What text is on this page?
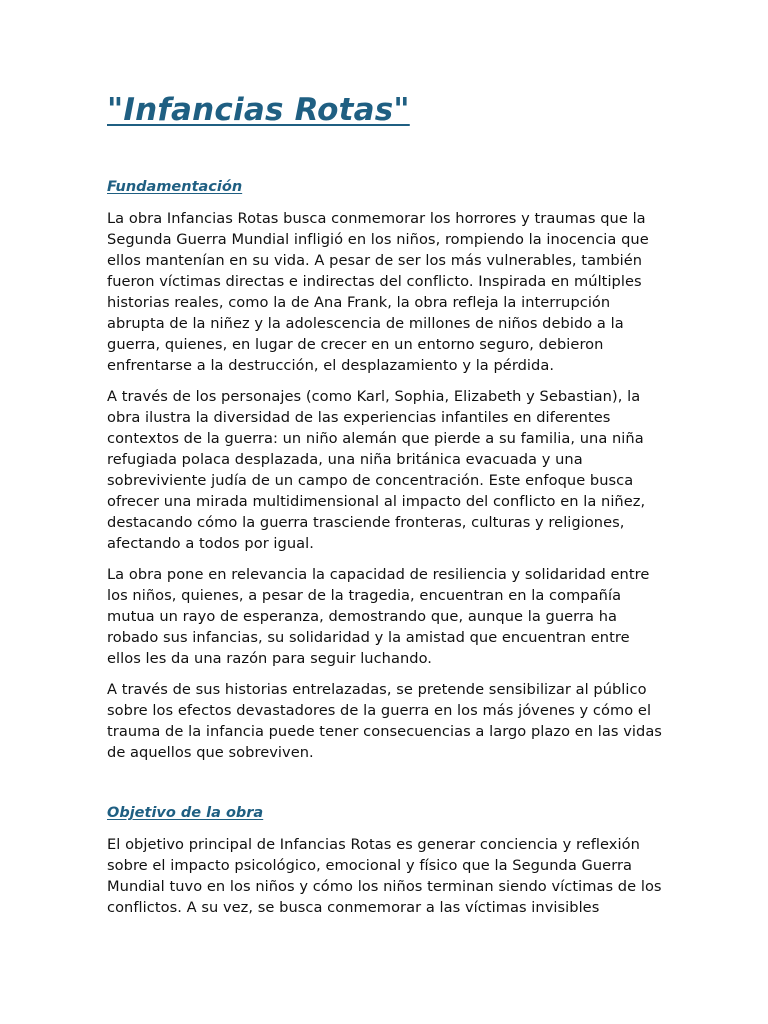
"Infancias Rotas"
Fundamentación

La obra Infancias Rotas busca conmemorar los horrores y traumas que la Segunda Guerra Mundial infligió en los niños, rompiendo la inocencia que ellos mantenían en su vida. A pesar de ser los más vulnerables, también fueron víctimas directas e indirectas del conflicto. Inspirada en múltiples historias reales, como la de Ana Frank, la obra refleja la interrupción abrupta de la niñez y la adolescencia de millones de niños debido a la guerra, quienes, en lugar de crecer en un entorno seguro, debieron enfrentarse a la destrucción, el desplazamiento y la pérdida.

A través de los personajes (como Karl, Sophia, Elizabeth y Sebastian), la obra ilustra la diversidad de las experiencias infantiles en diferentes contextos de la guerra: un niño alemán que pierde a su familia, una niña refugiada polaca desplazada, una niña británica evacuada y una sobreviviente judía de un campo de concentración. Este enfoque busca ofrecer una mirada multidimensional al impacto del conflicto en la niñez, destacando cómo la guerra trasciende fronteras, culturas y religiones, afectando a todos por igual.

La obra pone en relevancia la capacidad de resiliencia y solidaridad entre los niños, quienes, a pesar de la tragedia, encuentran en la compañía mutua un rayo de esperanza, demostrando que, aunque la guerra ha robado sus infancias, su solidaridad y la amistad que encuentran entre ellos les da una razón para seguir luchando.

A través de sus historias entrelazadas, se pretende sensibilizar al público sobre los efectos devastadores de la guerra en los más jóvenes y cómo el trauma de la infancia puede tener consecuencias a largo plazo en las vidas de aquellos que sobreviven.

Objetivo de la obra

El objetivo principal de Infancias Rotas es generar conciencia y reflexión sobre el impacto psicológico, emocional y físico que la Segunda Guerra Mundial tuvo en los niños y cómo los niños terminan siendo víctimas de los conflictos. A su vez, se busca conmemorar a las víctimas invisibles
